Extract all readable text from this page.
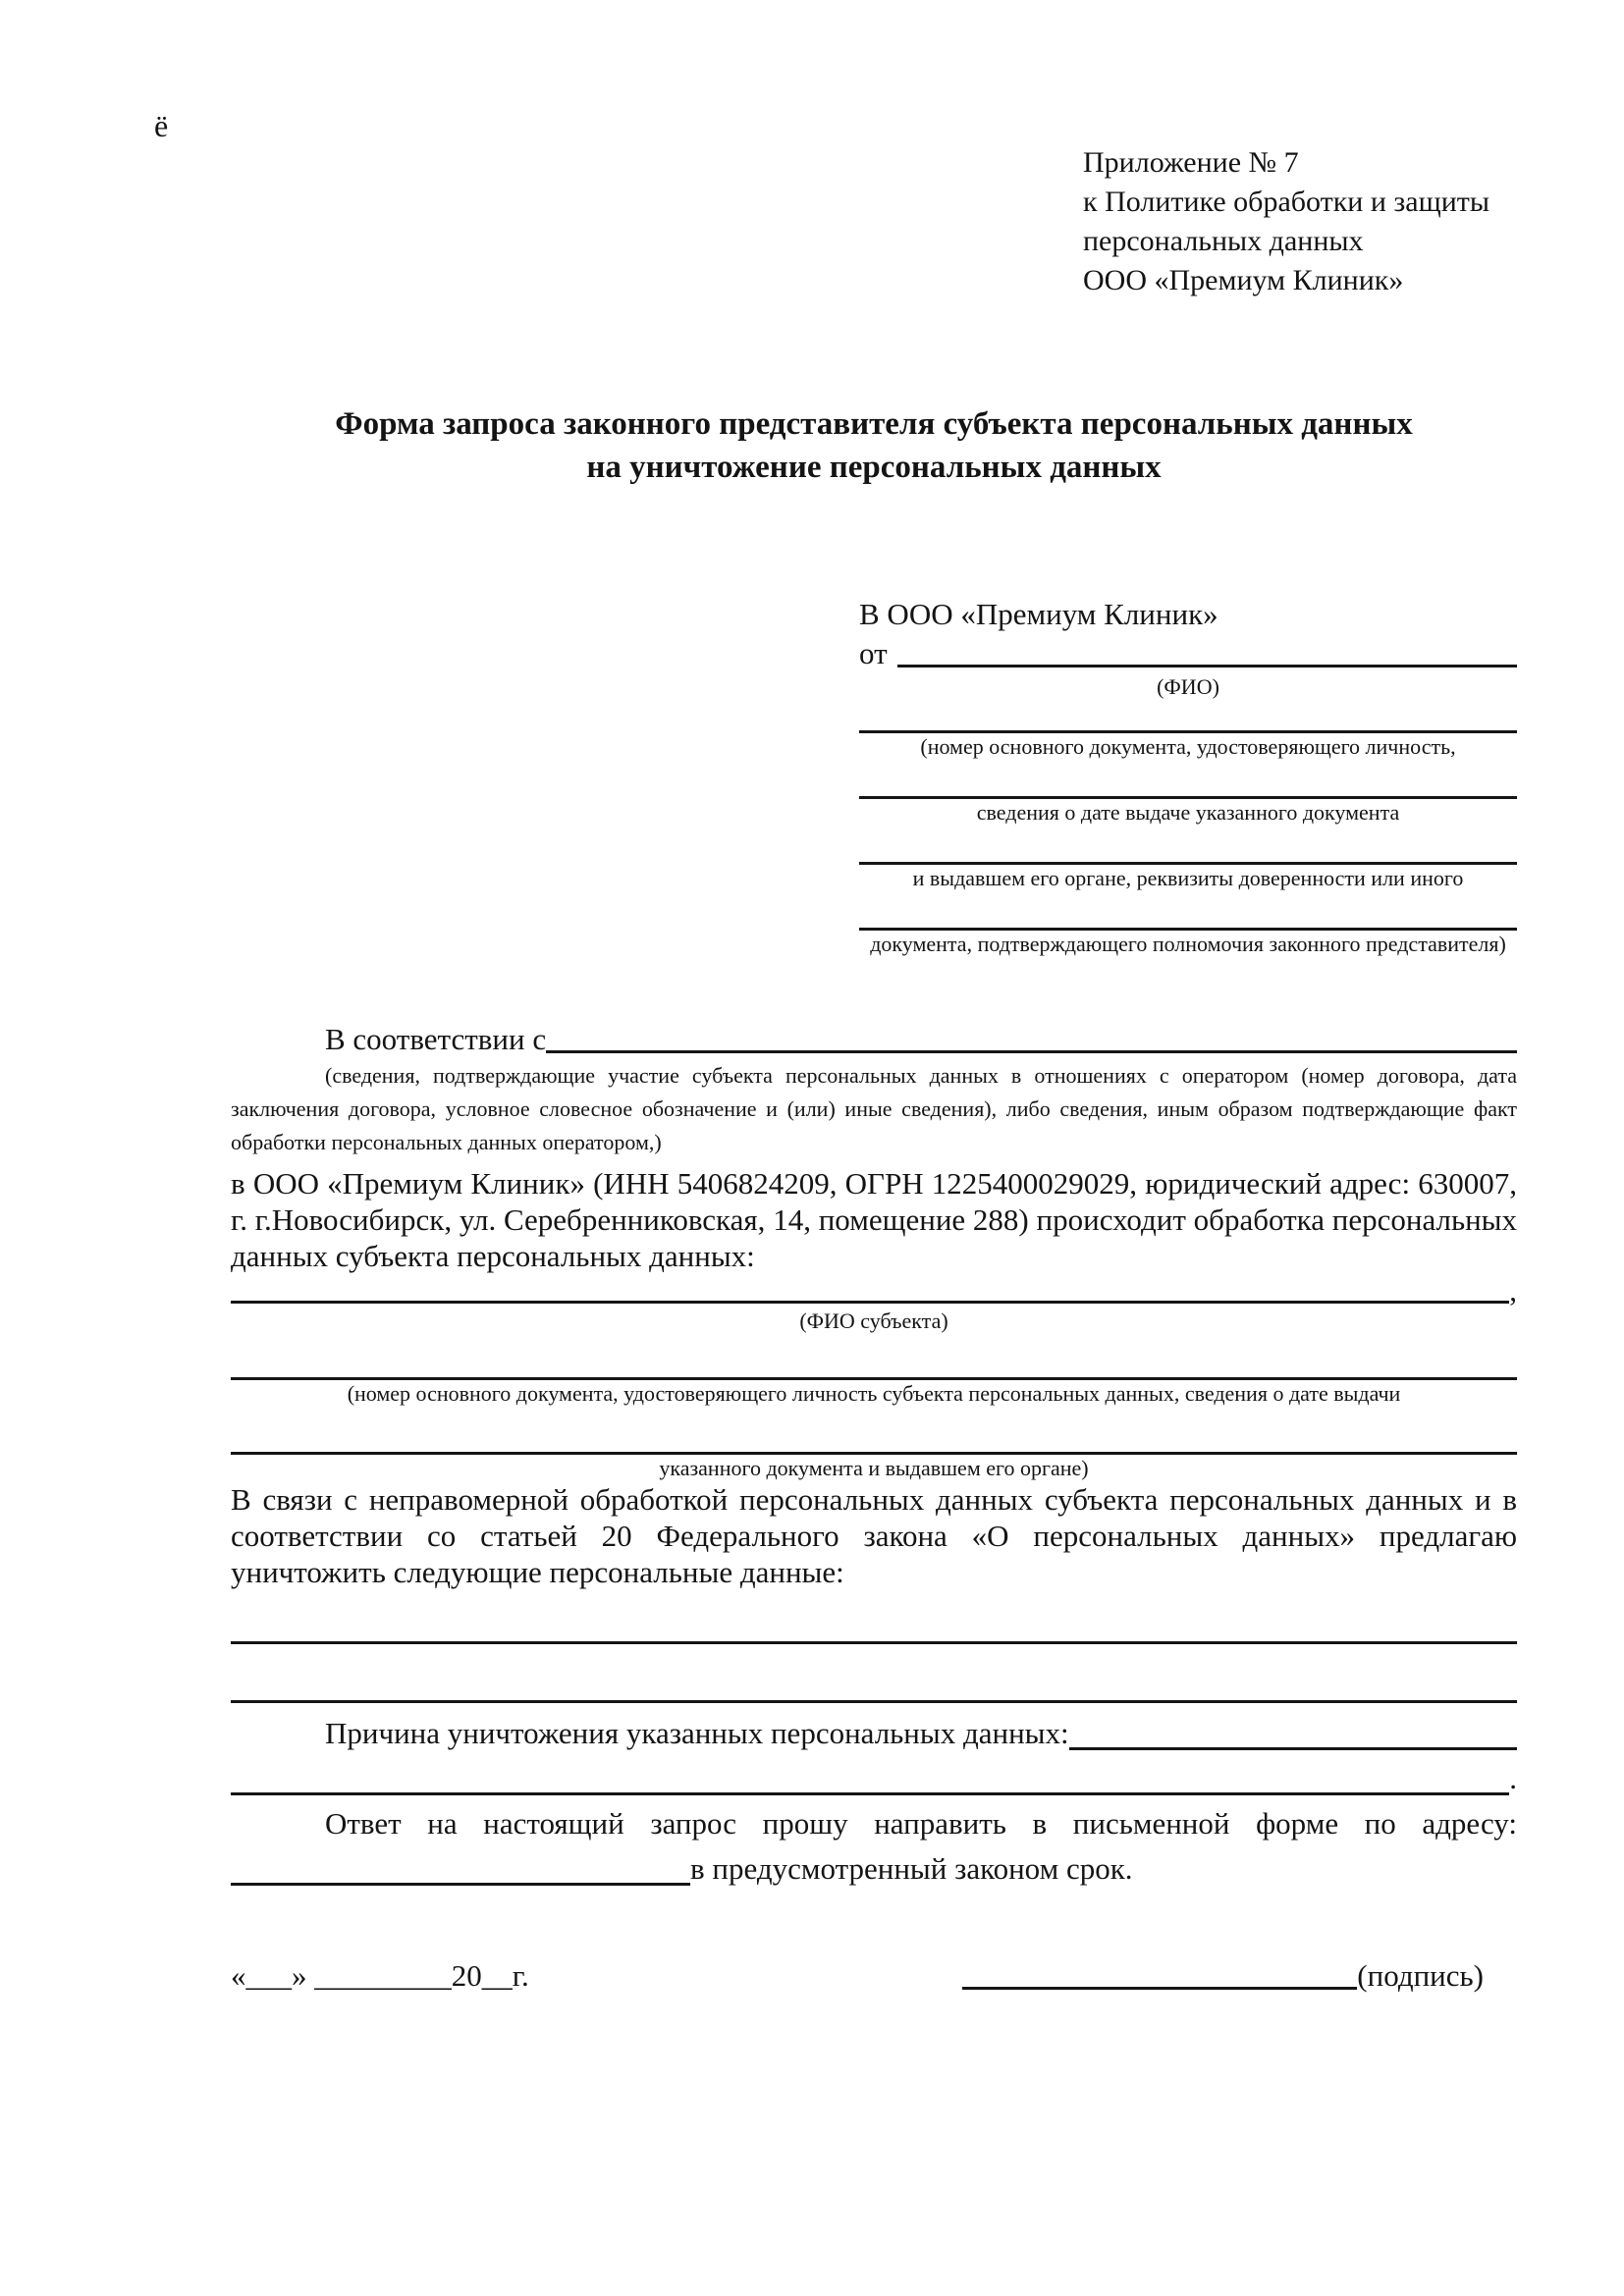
ё
Приложение № 7
к Политике обработки и защиты
персональных данных
ООО «Премиум Клиник»
Форма запроса законного представителя субъекта персональных данных
на уничтожение персональных данных
В ООО «Премиум Клиник»
от
(ФИО)
(номер основного документа, удостоверяющего личность,
сведения о дате выдаче указанного документа
и выдавшем его органе, реквизиты доверенности или иного
документа, подтверждающего полномочия законного представителя)
В соответствии с

(сведения, подтверждающие участие субъекта персональных данных в отношениях с оператором (номер договора, дата заключения договора, условное словесное обозначение и (или) иные сведения), либо сведения, иным образом подтверждающие факт обработки персональных данных оператором,)

в ООО «Премиум Клиник» (ИНН 5406824209, ОГРН 1225400029029, юридический адрес: 630007, г. г.Новосибирск, ул. Серебренниковская, 14, помещение 288) происходит обработка персональных данных субъекта персональных данных:

,
(ФИО субъекта)
(номер основного документа, удостоверяющего личность субъекта персональных данных, сведения о дате выдачи
указанного документа и выдавшем его органе)

В связи с неправомерной обработкой персональных данных субъекта персональных данных и в соответствии со статьей 20 Федерального закона «О персональных данных» предлагаю уничтожить следующие персональные данные:

Причина уничтожения указанных персональных данных:
.
Ответ на настоящий запрос прошу направить в письменной форме по адресу:
в предусмотренный законом срок.
«___» _________20__г.	(подпись)
